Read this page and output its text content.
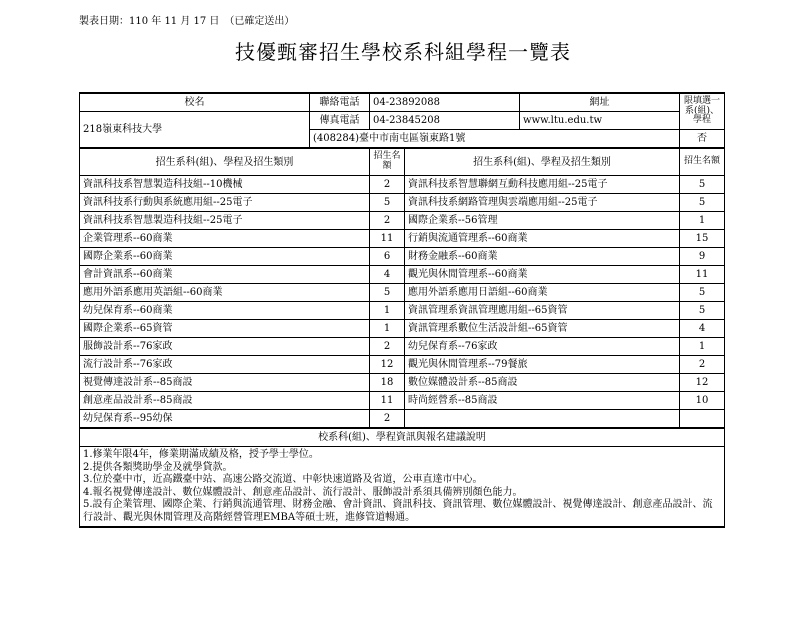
製表日期：110 年 11 月 17 日　（已確定送出）
技優甄審招生學校系科組學程一覽表
校名	聯絡電話	04-23892088		網址	限填選一系(組)、學程
218嶺東科技大學	傳真電話	04-23845208		www.ltu.edu.tw	
	(408284)臺中市南屯區嶺東路1號				否
招生系科(組)、學程及招生類別		招生名額	招生系科(組)、學程及招生類別		招生名額
資訊科技系智慧製造科技組--10機械		2	資訊科技系智慧聯網互動科技應用組--25電子		5
資訊科技系行動與系統應用組--25電子		5	資訊科技系網路管理與雲端應用組--25電子		5
資訊科技系智慧製造科技組--25電子		2	國際企業系--56管理		1
企業管理系--60商業		11	行銷與流通管理系--60商業		15
國際企業系--60商業		6	財務金融系--60商業		9
會計資訊系--60商業		4	觀光與休閒管理系--60商業		11
應用外語系應用英語組--60商業		5	應用外語系應用日語組--60商業		5
幼兒保育系--60商業		1	資訊管理系資訊管理應用組--65資管		5
國際企業系--65資管		1	資訊管理系數位生活設計組--65資管		4
服飾設計系--76家政		2	幼兒保育系--76家政		1
流行設計系--76家政		12	觀光與休閒管理系--79餐旅		2
視覺傳達設計系--85商設		18	數位媒體設計系--85商設		12
創意產品設計系--85商設		11	時尚經營系--85商設		10
幼兒保育系--95幼保		2			
校系科(組)、學程資訊與報名建議說明					

1.修業年限4年，修業期滿成績及格，授予學士學位。
2.提供各類獎助學金及就學貸款。
3.位於臺中市，近高鐵臺中站、高速公路交流道、中彰快速道路及省道，公車直達市中心。
4.報名視覺傳達設計、數位媒體設計、創意產品設計、流行設計、服飾設計系須具備辨別顏色能力。
5.設有企業管理、國際企業、行銷與流通管理、財務金融、會計資訊、資訊科技、資訊管理、數位媒體設計、視覺傳達設計、創意產品設計、流行設計、觀光與休閒管理及高階經營管理EMBA等碩士班，進修管道暢通。					
